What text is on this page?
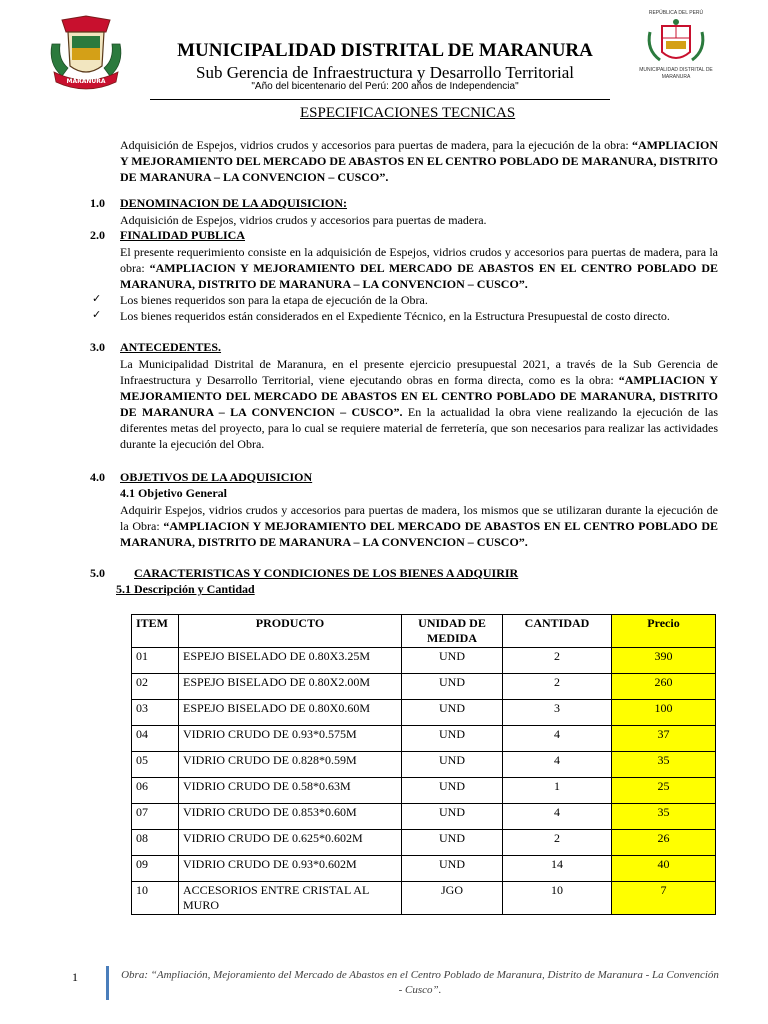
MARANURA
REPÚBLICA DEL PERÚ
MUNICIPALIDAD DISTRITAL DE MARANURA
MUNICIPALIDAD DISTRITAL DE MARANURA
Sub Gerencia de Infraestructura y Desarrollo Territorial
"Año del bicentenario del Perú: 200 años de Independencia"
ESPECIFICACIONES TECNICAS
Adquisición de Espejos, vidrios crudos y accesorios para puertas de madera, para la ejecución de la obra: “AMPLIACION Y MEJORAMIENTO DEL MERCADO DE ABASTOS EN EL CENTRO POBLADO DE MARANURA, DISTRITO DE MARANURA – LA CONVENCION – CUSCO”.
1.0 DENOMINACION DE LA ADQUISICION:
Adquisición de Espejos, vidrios crudos y accesorios para puertas de madera.
2.0 FINALIDAD PUBLICA
El presente requerimiento consiste en la adquisición de Espejos, vidrios crudos y accesorios para puertas de madera, para la obra: “AMPLIACION Y MEJORAMIENTO DEL MERCADO DE ABASTOS EN EL CENTRO POBLADO DE MARANURA, DISTRITO DE MARANURA – LA CONVENCION – CUSCO”.
✓ Los bienes requeridos son para la etapa de ejecución de la Obra.
✓ Los bienes requeridos están considerados en el Expediente Técnico, en la Estructura Presupuestal de costo directo.
3.0 ANTECEDENTES.
La Municipalidad Distrital de Maranura, en el presente ejercicio presupuestal 2021, a través de la Sub Gerencia de Infraestructura y Desarrollo Territorial, viene ejecutando obras en forma directa, como es la obra: “AMPLIACION Y MEJORAMIENTO DEL MERCADO DE ABASTOS EN EL CENTRO POBLADO DE MARANURA, DISTRITO DE MARANURA – LA CONVENCION – CUSCO”. En la actualidad la obra viene realizando la ejecución de las diferentes metas del proyecto, para lo cual se requiere material de ferretería, que son necesarios para realizar las actividades durante la ejecución del Obra.
4.0 OBJETIVOS DE LA ADQUISICION
4.1 Objetivo General
Adquirir Espejos, vidrios crudos y accesorios para puertas de madera, los mismos que se utilizaran durante la ejecución de la Obra: “AMPLIACION Y MEJORAMIENTO DEL MERCADO DE ABASTOS EN EL CENTRO POBLADO DE MARANURA, DISTRITO DE MARANURA – LA CONVENCION – CUSCO”.
5.0 CARACTERISTICAS Y CONDICIONES DE LOS BIENES A ADQUIRIR
5.1 Descripción y Cantidad
ITEM	PRODUCTO	UNIDAD DE MEDIDA	CANTIDAD	Precio
01	ESPEJO BISELADO DE 0.80X3.25M	UND	2	390
02	ESPEJO BISELADO DE 0.80X2.00M	UND	2	260
03	ESPEJO BISELADO DE 0.80X0.60M	UND	3	100
04	VIDRIO CRUDO DE 0.93*0.575M	UND	4	37
05	VIDRIO CRUDO DE 0.828*0.59M	UND	4	35
06	VIDRIO CRUDO DE 0.58*0.63M	UND	1	25
07	VIDRIO CRUDO DE 0.853*0.60M	UND	4	35
08	VIDRIO CRUDO DE 0.625*0.602M	UND	2	26
09	VIDRIO CRUDO DE 0.93*0.602M	UND	14	40
10	ACCESORIOS ENTRE CRISTAL AL MURO	JGO	10	7
1	Obra: “Ampliación, Mejoramiento del Mercado de Abastos en el Centro Poblado de Maranura, Distrito de Maranura - La Convención - Cusco”.
